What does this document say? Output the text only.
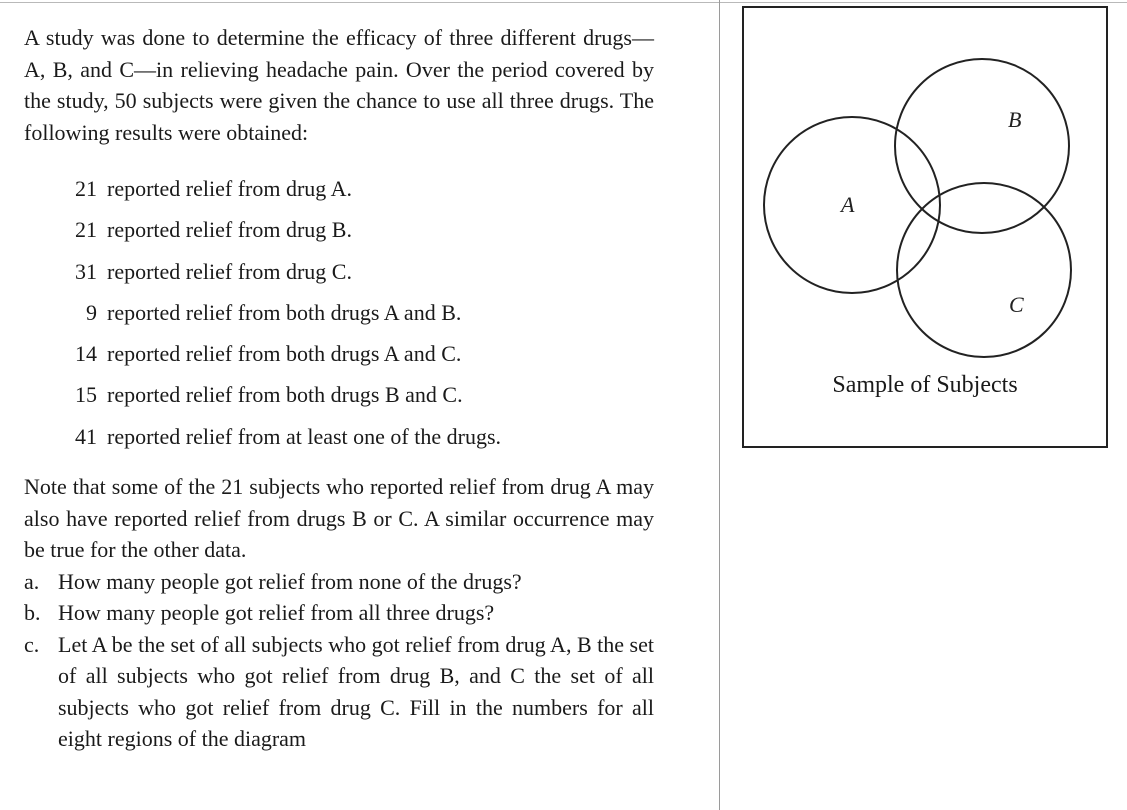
A study was done to determine the efficacy of three different drugs—A, B, and C—in relieving headache pain. Over the period covered by the study, 50 subjects were given the chance to use all three drugs. The following results were obtained:

21 reported relief from drug A.
21 reported relief from drug B.
31 reported relief from drug C.
9 reported relief from both drugs A and B.
14 reported relief from both drugs A and C.
15 reported relief from both drugs B and C.
41 reported relief from at least one of the drugs.

Note that some of the 21 subjects who reported relief from drug A may also have reported relief from drugs B or C. A similar occurrence may be true for the other data.

a. How many people got relief from none of the drugs?
b. How many people got relief from all three drugs?
c. Let A be the set of all subjects who got relief from drug A, B the set of all subjects who got relief from drug B, and C the set of all subjects who got relief from drug C. Fill in the numbers for all eight regions of the diagram
A
B
C
Sample of Subjects
